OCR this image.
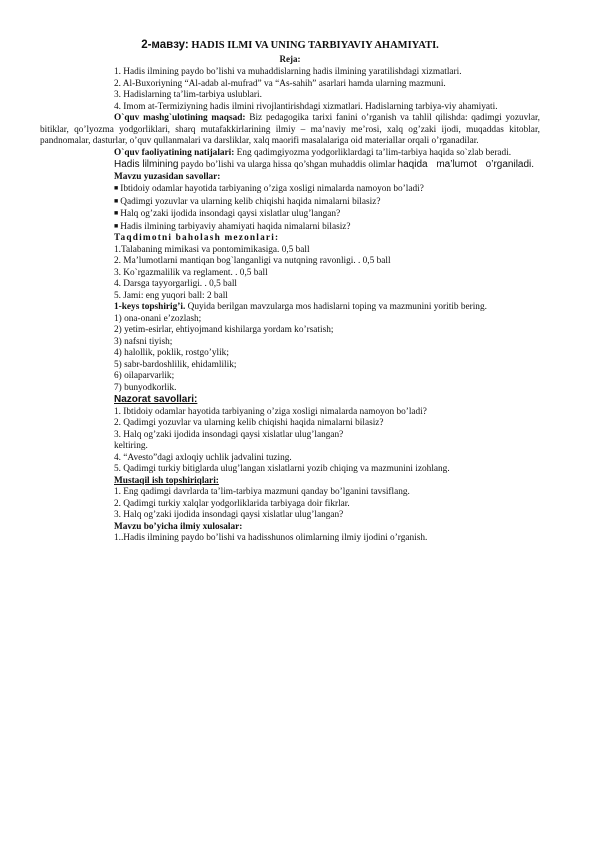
2-мавзу: HADIS ILMI VA UNING TARBIYAVIY AHAMIYATI.

Reja:

1. Hadis ilmining paydo bo’lishi va muhaddislarning hadis ilmining yaratilishdagi xizmatlari.

2. Al-Buxoriyning “Al-adab al-mufrad” va “As-sahih” asarlari hamda ularning mazmuni.

3. Hadislarning ta’lim-tarbiya uslublari.

4. Imom at-Termiziyning hadis ilmini rivojlantirishdagi xizmatlari. Hadislarning tarbiya-viy ahamiyati.

O`quv mashg`ulotining maqsad: Biz pedagogika tarixi fanini o’rganish va tahlil qilishda: qadimgi yozuvlar, bitiklar, qo’lyozma yodgorliklari, sharq mutafakkirlarining ilmiy – ma’naviy me’rosi, xalq og’zaki ijodi, muqaddas kitoblar, pandnomalar, dasturlar, o’quv qullanmalari va darsliklar, xalq maorifi masalalariga oid materiallar orqali o’rganadilar.

O`quv faoliyatining natijalari: Eng qadimgiyozma yodgorliklardagi ta’lim-tarbiya haqida so`zlab beradi.

Hadis lilmining paydo bo’lishi va ularga hissa qo’shgan muhaddis olimlar haqida ma’lumot o’rganiladi.

Mavzu yuzasidan savollar:

■ Ibtidoiy odamlar hayotida tarbiyaning o’ziga xosligi nimalarda namoyon bo’ladi?

■ Qadimgi yozuvlar va ularning kelib chiqishi haqida nimalarni bilasiz?

■ Halq og’zaki ijodida insondagi qaysi xislatlar ulug’langan?

■ Hadis ilmining tarbiyaviy ahamiyati haqida nimalarni bilasiz?

Taqdimotni baholash mezonlari:

1.Talabaning mimikasi va pontomimikasiga. 0,5 ball

2. Ma’lumotlarni mantiqan bog`langanligi va nutqning ravonligi. . 0,5 ball

3. Ko`rgazmalilik va reglament. . 0,5 ball

4. Darsga tayyorgarligi. . 0,5 ball

5. Jami: eng yuqori ball: 2 ball

1-keys topshirig’i. Quyida berilgan mavzularga mos hadislarni toping va mazmunini yoritib bering.

1) ona-onani e’zozlash;

2) yetim-esirlar, ehtiyojmand kishilarga yordam ko’rsatish;

3) nafsni tiyish;

4) halollik, poklik, rostgo’ylik;

5) sabr-bardoshlilik, ehidamlilik;

6) oilaparvarlik;

7) bunyodkorlik.

Nazorat savollari:

1. Ibtidoiy odamlar hayotida tarbiyaning o’ziga xosligi nimalarda namoyon bo’ladi?

2. Qadimgi yozuvlar va ularning kelib chiqishi haqida nimalarni bilasiz?

3. Halq og’zaki ijodida insondagi qaysi xislatlar ulug’langan?

keltiring.

4. “Avesto”dagi axloqiy uchlik jadvalini tuzing.

5. Qadimgi turkiy bitiglarda ulug’langan xislatlarni yozib chiqing va mazmunini izohlang.

Mustaqil ish topshiriqlari:

1. Eng qadimgi davrlarda ta’lim-tarbiya mazmuni qanday bo’lganini tavsiflang.

2. Qadimgi turkiy xalqlar yodgorliklarida tarbiyaga doir fikrlar.

3. Halq og’zaki ijodida insondagi qaysi xislatlar ulug’langan?

Mavzu bo’yicha ilmiy xulosalar:

1..Hadis ilmining paydo bo’lishi va hadisshunos olimlarning ilmiy ijodini o’rganish.
